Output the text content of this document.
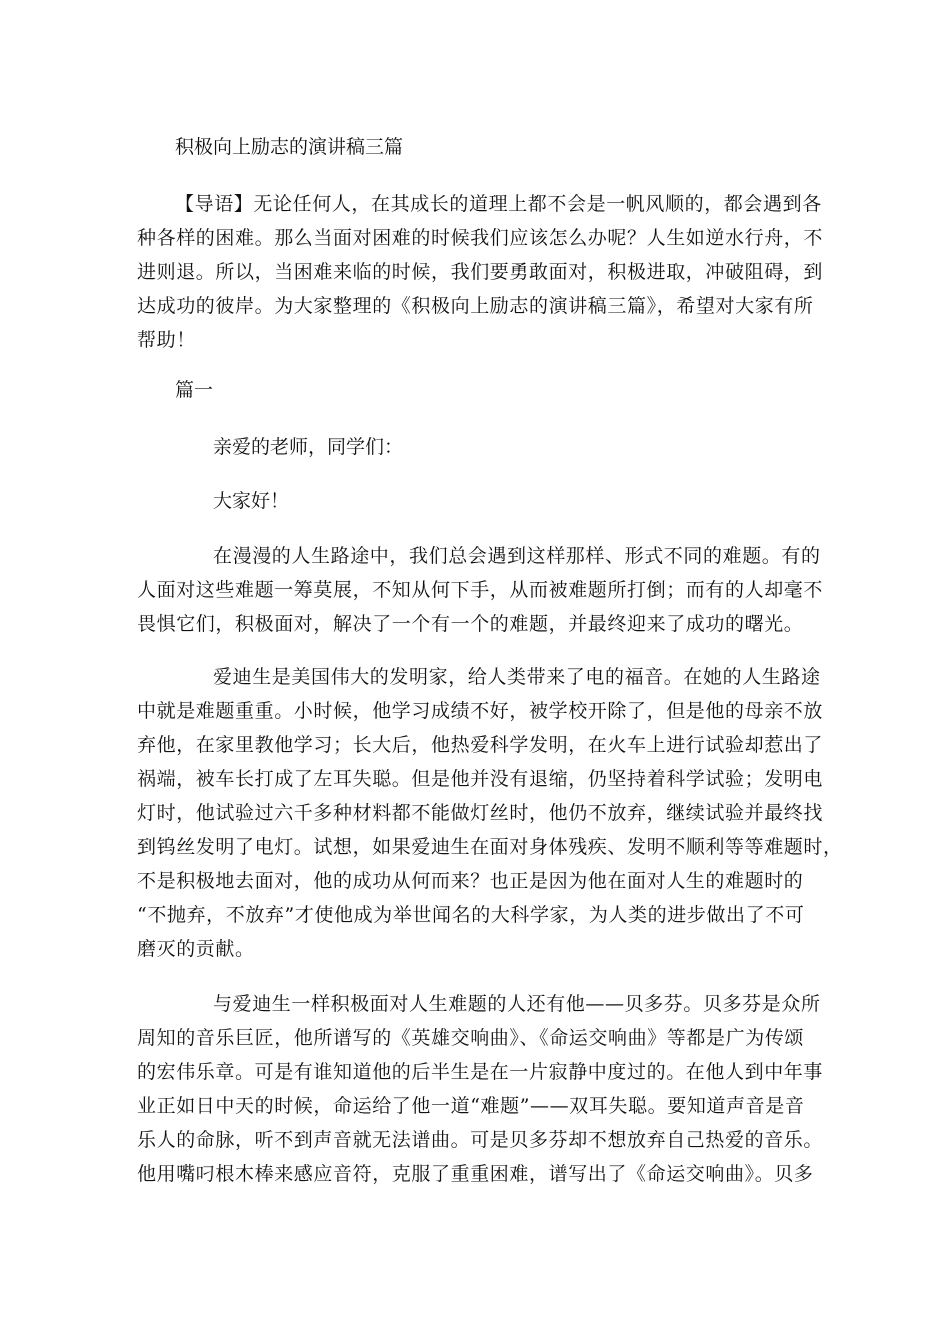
积极向上励志的演讲稿三篇
【导语】无论任何人，在其成长的道理上都不会是一帆风顺的，都会遇到各
种各样的困难。那么当面对困难的时候我们应该怎么办呢？人生如逆水行舟，不
进则退。所以，当困难来临的时候，我们要勇敢面对，积极进取，冲破阻碍，到
达成功的彼岸。为大家整理的《积极向上励志的演讲稿三篇》，希望对大家有所
帮助！
篇一
亲爱的老师，同学们：
大家好！
在漫漫的人生路途中，我们总会遇到这样那样、形式不同的难题。有的
人面对这些难题一筹莫展，不知从何下手，从而被难题所打倒；而有的人却毫不
畏惧它们，积极面对，解决了一个有一个的难题，并最终迎来了成功的曙光。
爱迪生是美国伟大的发明家，给人类带来了电的福音。在她的人生路途
中就是难题重重。小时候，他学习成绩不好，被学校开除了，但是他的母亲不放
弃他，在家里教他学习；长大后，他热爱科学发明，在火车上进行试验却惹出了
祸端，被车长打成了左耳失聪。但是他并没有退缩，仍坚持着科学试验；发明电
灯时，他试验过六千多种材料都不能做灯丝时，他仍不放弃，继续试验并最终找
到钨丝发明了电灯。试想，如果爱迪生在面对身体残疾、发明不顺利等等难题时，
不是积极地去面对，他的成功从何而来？也正是因为他在面对人生的难题时的
“不抛弃，不放弃”才使他成为举世闻名的大科学家，为人类的进步做出了不可
磨灭的贡献。
与爱迪生一样积极面对人生难题的人还有他——贝多芬。贝多芬是众所
周知的音乐巨匠，他所谱写的《英雄交响曲》、《命运交响曲》等都是广为传颂
的宏伟乐章。可是有谁知道他的后半生是在一片寂静中度过的。在他人到中年事
业正如日中天的时候，命运给了他一道“难题”——双耳失聪。要知道声音是音
乐人的命脉，听不到声音就无法谱曲。可是贝多芬却不想放弃自己热爱的音乐。
他用嘴叼根木棒来感应音符，克服了重重困难，谱写出了《命运交响曲》。贝多
